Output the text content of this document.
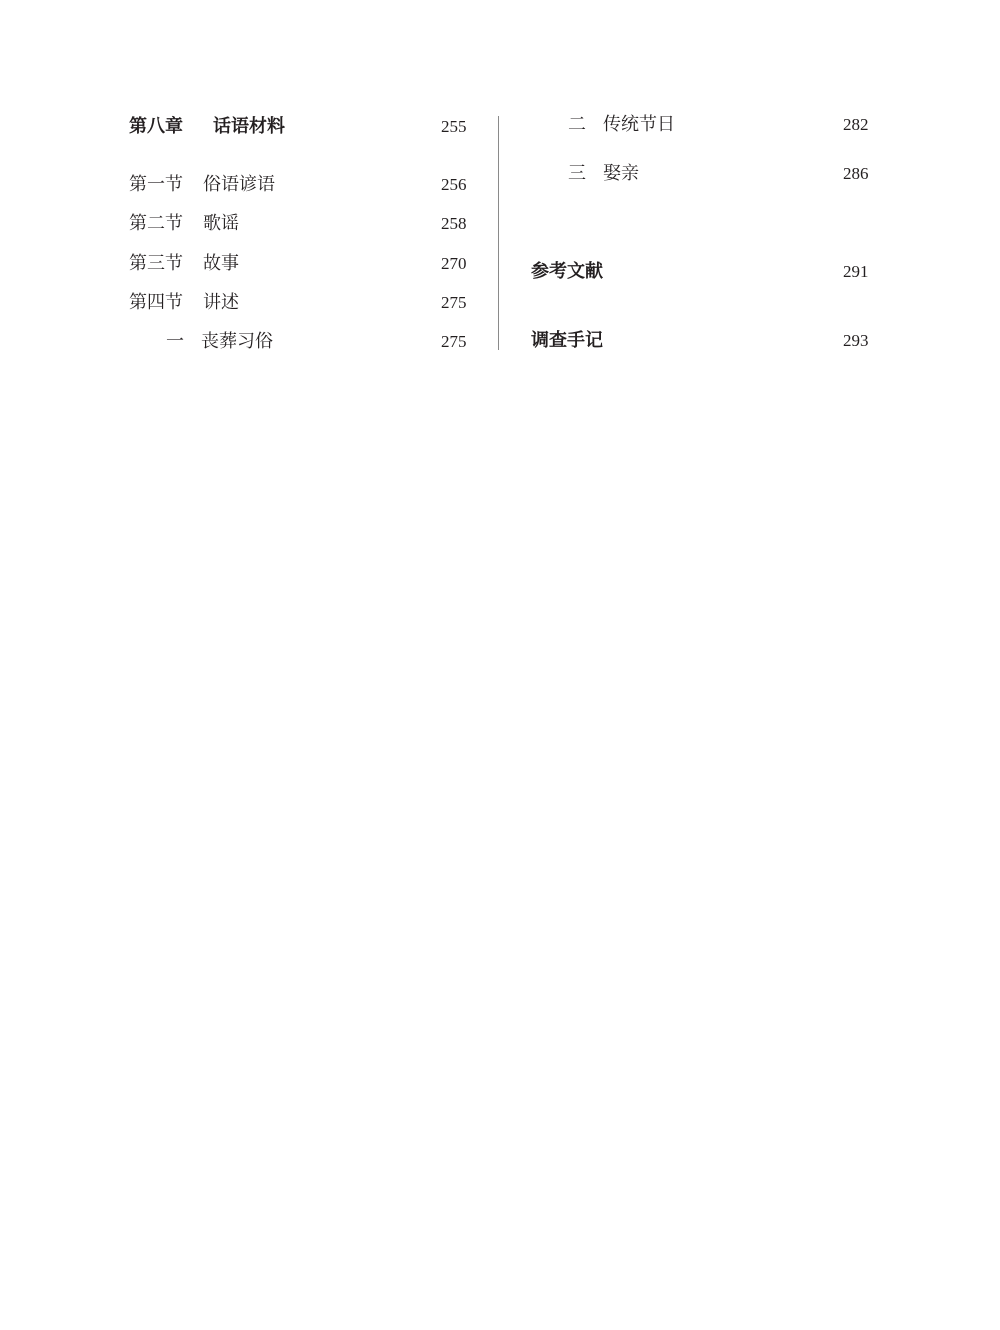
第八章 话语材料	255
第一节 俗语谚语	256
第二节 歌谣	258
第三节 故事	270
第四节 讲述	275
一 丧葬习俗	275
二 传统节日	282
三 娶亲	286
参考文献	291
调查手记	293
